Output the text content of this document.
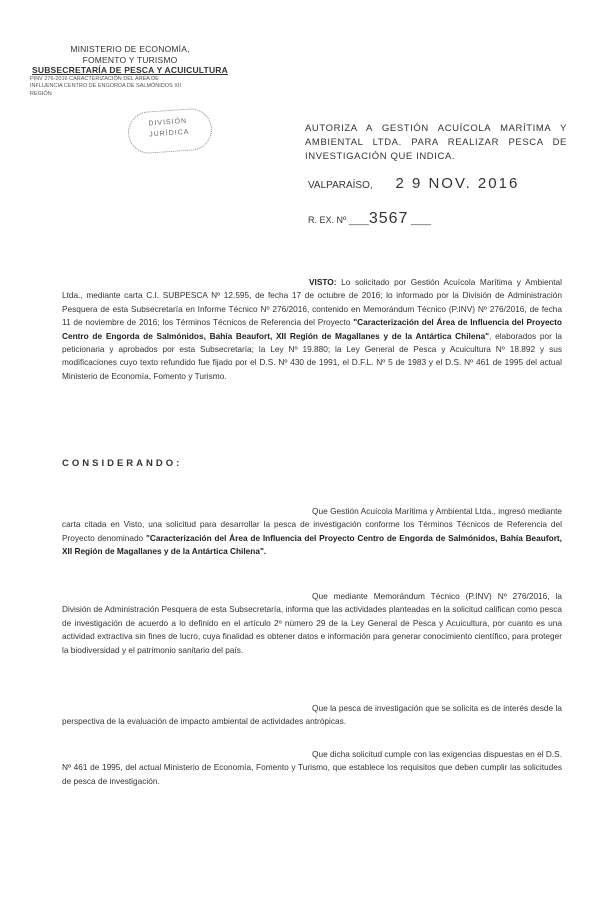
MINISTERIO DE ECONOMÍA,
FOMENTO Y TURISMO
SUBSECRETARÍA DE PESCA Y ACUICULTURA
PINV 276-2016 CARACTERIZACIÓN DEL AREA DE
INFLUENCIA CENTRO DE ENGORDA DE SALMÓNIDOS XII
REGIÓN
DIVISIÓN
JURÍDICA	AUTORIZA A GESTIÓN ACUÍCOLA MARÍTIMA Y AMBIENTAL LTDA. PARA REALIZAR PESCA DE INVESTIGACIÓN QUE INDICA.
VALPARAÍSO, 2 9 NOV. 2016
R. EX. Nº ____3567 ____
VISTO: Lo solicitado por Gestión Acuícola Marítima y Ambiental Ltda., mediante carta C.I. SUBPESCA Nº 12.595, de fecha 17 de octubre de 2016; lo informado por la División de Administración Pesquera de esta Subsecretaría en Informe Técnico Nº 276/2016, contenido en Memorándum Técnico (P.INV) Nº 276/2016, de fecha 11 de noviembre de 2016; los Términos Técnicos de Referencia del Proyecto "Caracterización del Área de Influencia del Proyecto Centro de Engorda de Salmónidos, Bahía Beaufort, XII Región de Magallanes y de la Antártica Chilena", elaborados por la peticionaria y aprobados por esta Subsecretaría; la Ley Nº 19.880; la Ley General de Pesca y Acuicultura Nº 18.892 y sus modificaciones cuyo texto refundido fue fijado por el D.S. Nº 430 de 1991, el D.F.L. Nº 5 de 1983 y el D.S. Nº 461 de 1995 del actual Ministerio de Economía, Fomento y Turismo.
CONSIDERANDO:
Que Gestión Acuícola Marítima y Ambiental Ltda., ingresó mediante carta citada en Visto, una solicitud para desarrollar la pesca de investigación conforme los Términos Técnicos de Referencia del Proyecto denominado "Caracterización del Área de Influencia del Proyecto Centro de Engorda de Salmónidos, Bahía Beaufort, XII Región de Magallanes y de la Antártica Chilena".
Que mediante Memorándum Técnico (P.INV) Nº 276/2016, la División de Administración Pesquera de esta Subsecretaría, informa que las actividades planteadas en la solicitud califican como pesca de investigación de acuerdo a lo definido en el artículo 2º número 29 de la Ley General de Pesca y Acuicultura, por cuanto es una actividad extractiva sin fines de lucro, cuya finalidad es obtener datos e información para generar conocimiento científico, para proteger la biodiversidad y el patrimonio sanitario del país.
Que la pesca de investigación que se solicita es de interés desde la perspectiva de la evaluación de impacto ambiental de actividades antrópicas.
Que dicha solicitud cumple con las exigencias dispuestas en el D.S. Nº 461 de 1995, del actual Ministerio de Economía, Fomento y Turismo, que establece los requisitos que deben cumplir las solicitudes de pesca de investigación.
